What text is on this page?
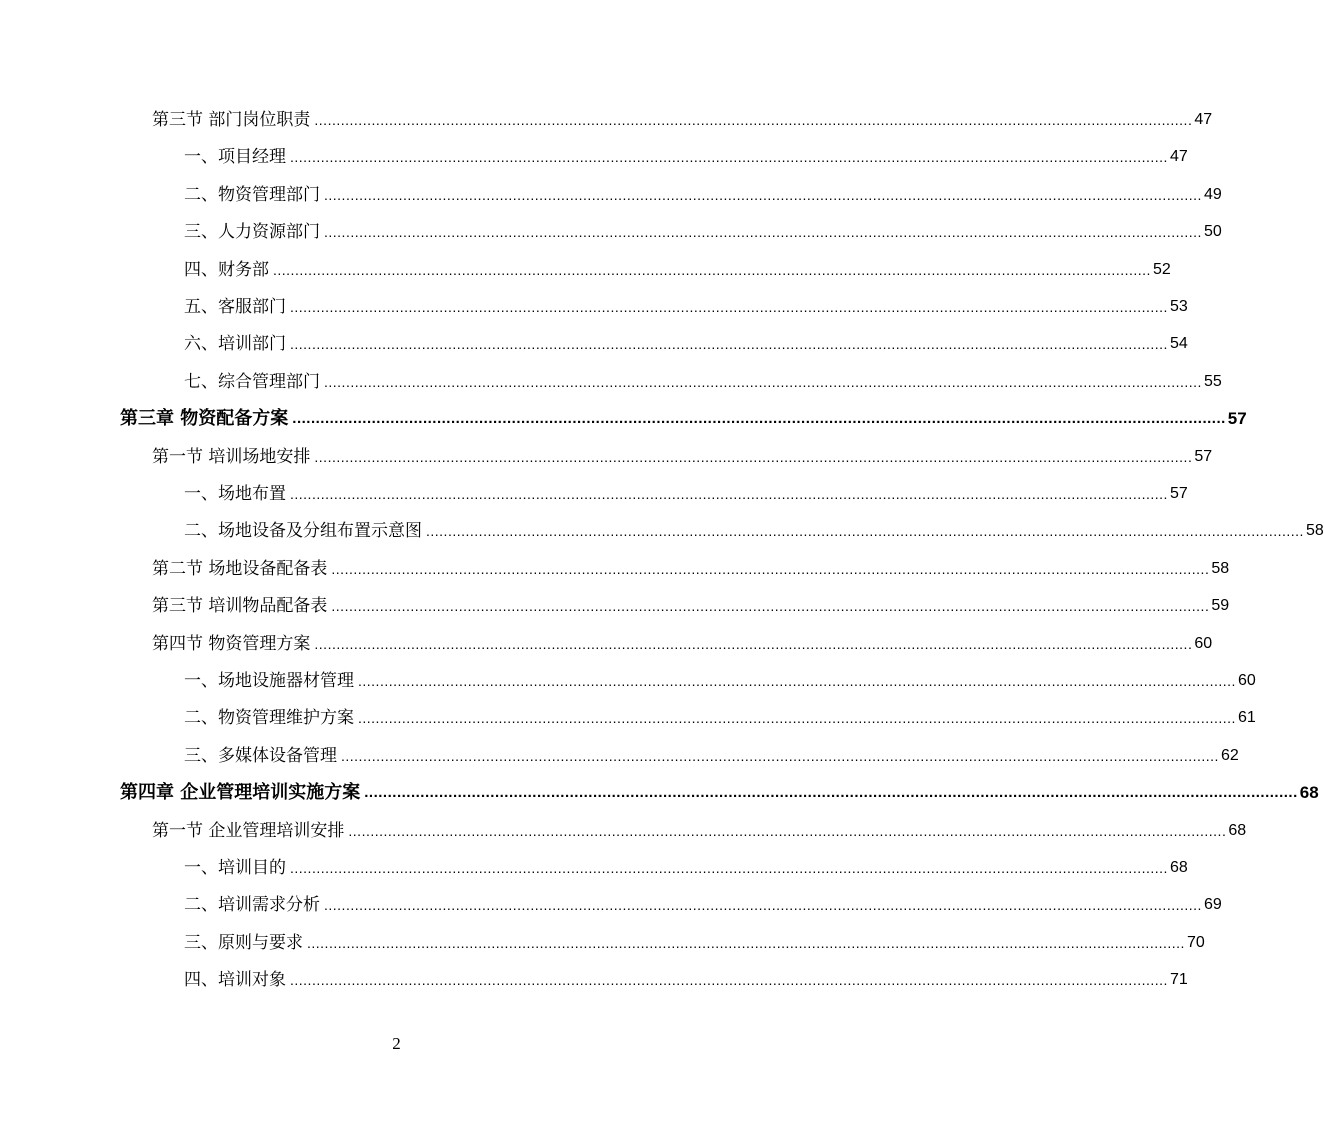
第三节 部门岗位职责 ........................................................................................................................................................................................................ 47
一、项目经理 ........................................................................................................................................................................................................ 47
二、物资管理部门 ........................................................................................................................................................................................................ 49
三、人力资源部门 ........................................................................................................................................................................................................ 50
四、财务部 ........................................................................................................................................................................................................ 52
五、客服部门 ........................................................................................................................................................................................................ 53
六、培训部门 ........................................................................................................................................................................................................ 54
七、综合管理部门 ........................................................................................................................................................................................................ 55
第三章 物资配备方案 ........................................................................................................................................................................................................ 57
第一节 培训场地安排 ........................................................................................................................................................................................................ 57
一、场地布置 ........................................................................................................................................................................................................ 57
二、场地设备及分组布置示意图 ........................................................................................................................................................................................................ 58
第二节 场地设备配备表 ........................................................................................................................................................................................................ 58
第三节 培训物品配备表 ........................................................................................................................................................................................................ 59
第四节 物资管理方案 ........................................................................................................................................................................................................ 60
一、场地设施器材管理 ........................................................................................................................................................................................................ 60
二、物资管理维护方案 ........................................................................................................................................................................................................ 61
三、多媒体设备管理 ........................................................................................................................................................................................................ 62
第四章 企业管理培训实施方案 ........................................................................................................................................................................................................ 68
第一节 企业管理培训安排 ........................................................................................................................................................................................................ 68
一、培训目的 ........................................................................................................................................................................................................ 68
二、培训需求分析 ........................................................................................................................................................................................................ 69
三、原则与要求 ........................................................................................................................................................................................................ 70
四、培训对象 ........................................................................................................................................................................................................ 71
2
